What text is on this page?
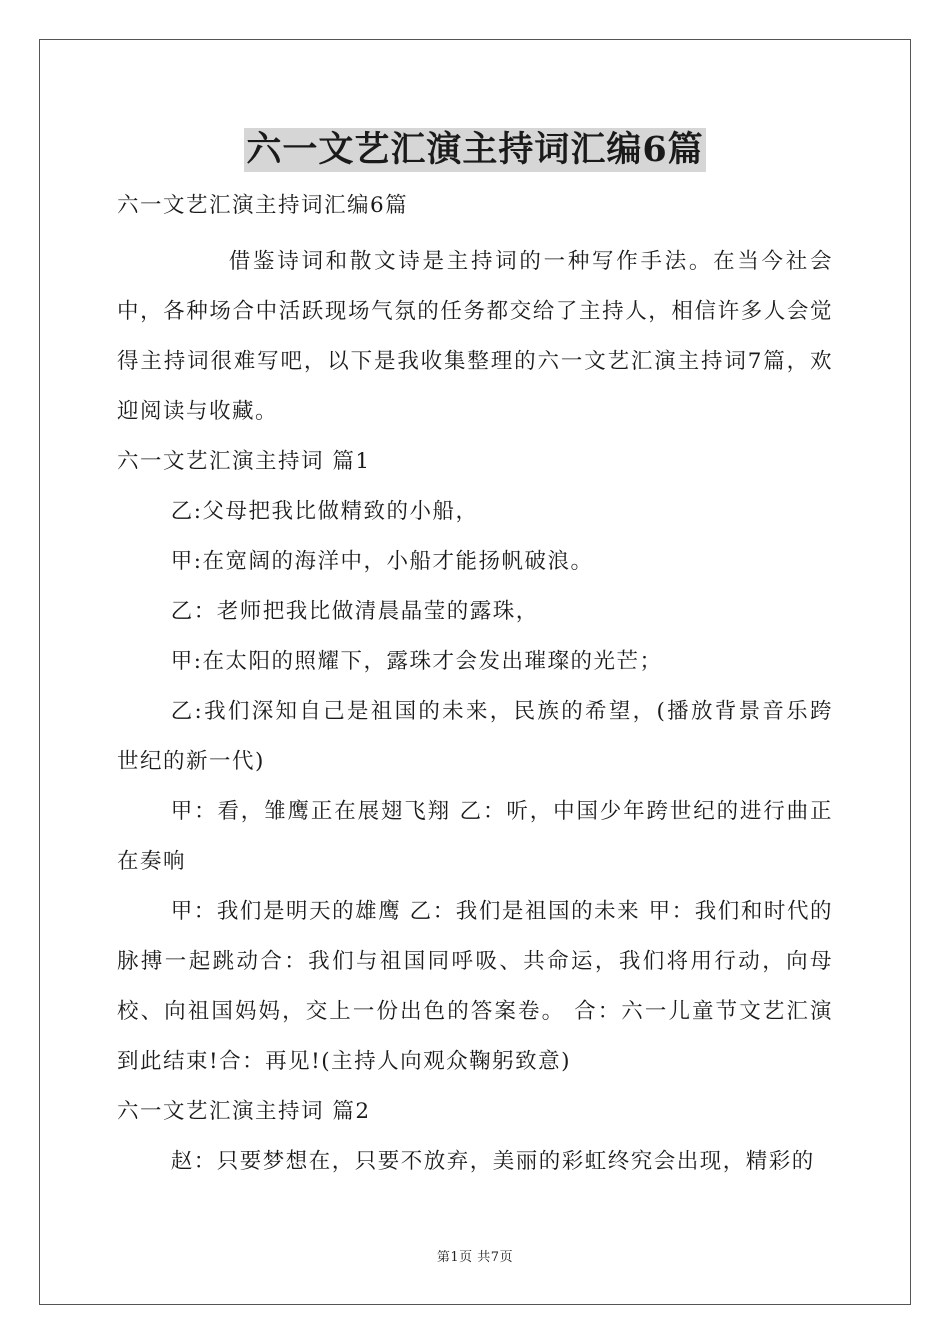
六一文艺汇演主持词汇编6篇

六一文艺汇演主持词汇编6篇

借鉴诗词和散文诗是主持词的一种写作手法。在当今社会中，各种场合中活跃现场气氛的任务都交给了主持人，相信许多人会觉得主持词很难写吧，以下是我收集整理的六一文艺汇演主持词7篇，欢迎阅读与收藏。

六一文艺汇演主持词 篇1

乙:父母把我比做精致的小船，

甲:在宽阔的海洋中，小船才能扬帆破浪。

乙：老师把我比做清晨晶莹的露珠，

甲:在太阳的照耀下，露珠才会发出璀璨的光芒；

乙:我们深知自己是祖国的未来，民族的希望，(播放背景音乐跨世纪的新一代)

甲：看，雏鹰正在展翅飞翔 乙：听，中国少年跨世纪的进行曲正在奏响

甲：我们是明天的雄鹰 乙：我们是祖国的未来 甲：我们和时代的脉搏一起跳动合：我们与祖国同呼吸、共命运，我们将用行动，向母校、向祖国妈妈，交上一份出色的答案卷。 合：六一儿童节文艺汇演到此结束!合：再见!(主持人向观众鞠躬致意)

六一文艺汇演主持词 篇2

赵：只要梦想在，只要不放弃，美丽的彩虹终究会出现，精彩的

第1页 共7页
